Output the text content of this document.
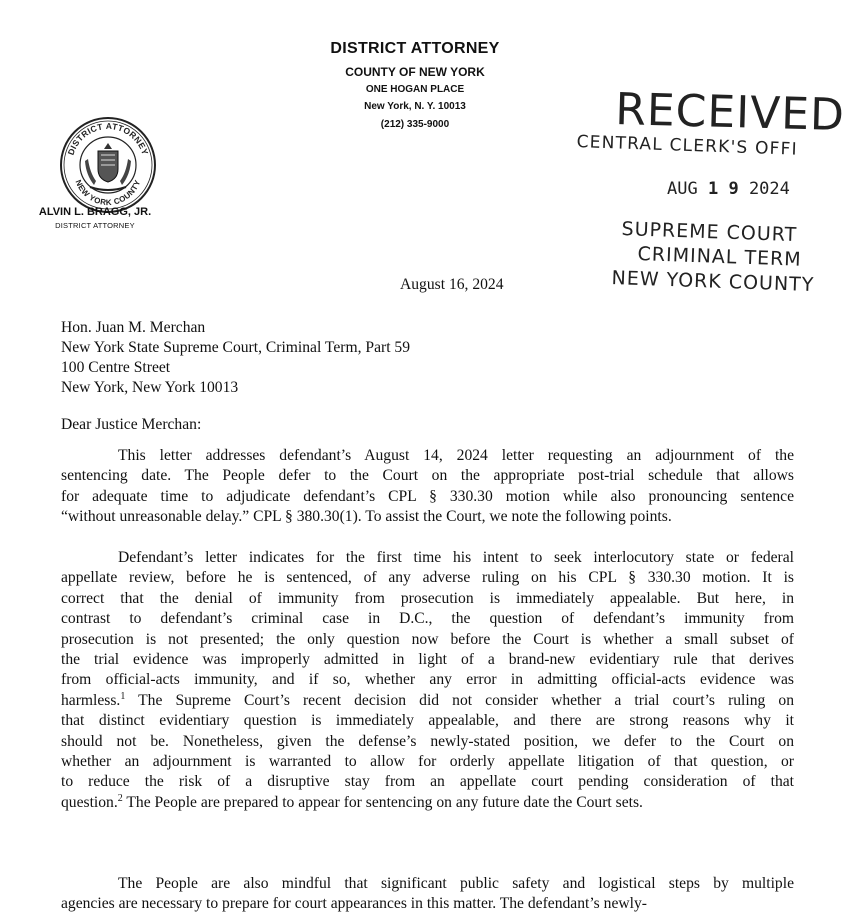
DISTRICT ATTORNEY
COUNTY OF NEW YORK
ONE HOGAN PLACE
New York, N. Y. 10013
(212) 335-9000
DISTRICT ATTORNEY
NEW YORK COUNTY
ALVIN L. BRAGG, JR.
DISTRICT ATTORNEY
RECEIVED
CENTRAL CLERK'S OFFI
AUG 1 9 2024
SUPREME COURT
CRIMINAL TERM
NEW YORK COUNTY
August 16, 2024
Hon. Juan M. Merchan
New York State Supreme Court, Criminal Term, Part 59
100 Centre Street
New York, New York 10013
Dear Justice Merchan:
This letter addresses defendant’s August 14, 2024 letter requesting an adjournment of the
sentencing date. The People defer to the Court on the appropriate post-trial schedule that allows
for adequate time to adjudicate defendant’s CPL § 330.30 motion while also pronouncing sentence
“without unreasonable delay.” CPL § 380.30(1). To assist the Court, we note the following points.
Defendant’s letter indicates for the first time his intent to seek interlocutory state or federal
appellate review, before he is sentenced, of any adverse ruling on his CPL § 330.30 motion. It is
correct that the denial of immunity from prosecution is immediately appealable. But here, in
contrast to defendant’s criminal case in D.C., the question of defendant’s immunity from
prosecution is not presented; the only question now before the Court is whether a small subset of
the trial evidence was improperly admitted in light of a brand-new evidentiary rule that derives
from official-acts immunity, and if so, whether any error in admitting official-acts evidence was
harmless.$^1$ The Supreme Court’s recent decision did not consider whether a trial court’s ruling on
that distinct evidentiary question is immediately appealable, and there are strong reasons why it
should not be. Nonetheless, given the defense’s newly-stated position, we defer to the Court on
whether an adjournment is warranted to allow for orderly appellate litigation of that question, or
to reduce the risk of a disruptive stay from an appellate court pending consideration of that
question.$^2$ The People are prepared to appear for sentencing on any future date the Court sets.
The People are also mindful that significant public safety and logistical steps by multiple
agencies are necessary to prepare for court appearances in this matter. The defendant’s newly-
